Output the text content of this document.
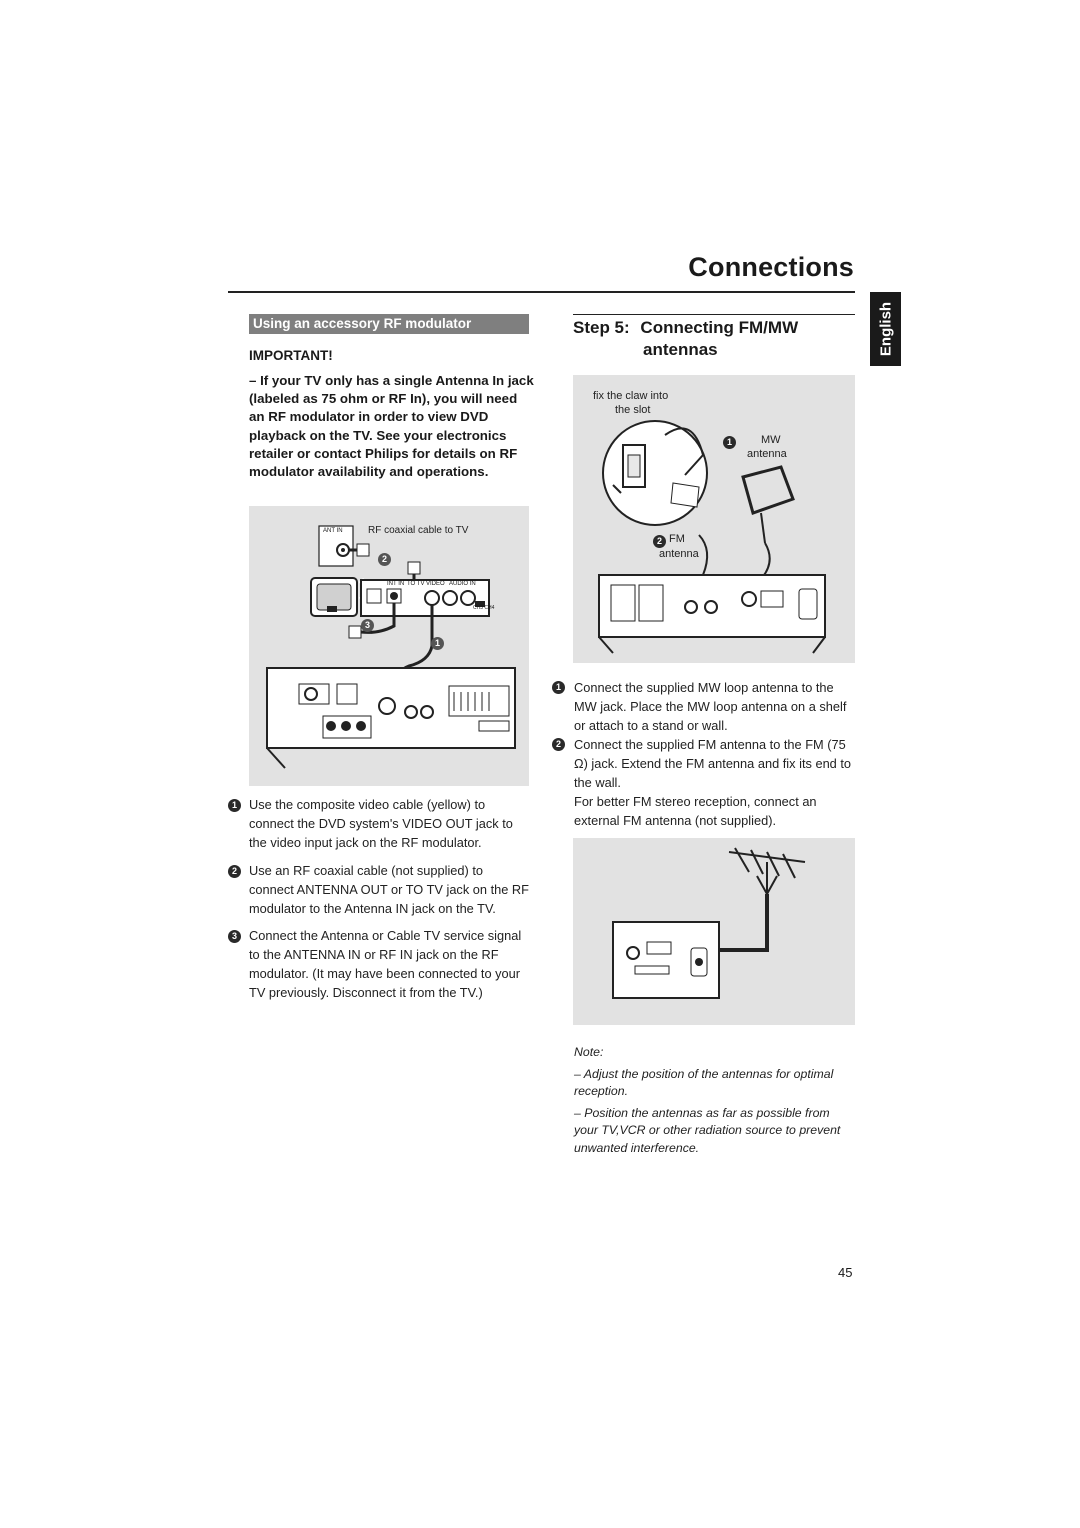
Connections
English
Using an accessory RF modulator
IMPORTANT!
– If your TV only has a single Antenna In jack (labeled as 75 ohm or RF In), you will need an RF modulator in order to view DVD playback on the TV. See your electronics retailer or contact Philips for details on RF modulator availability and operations.
RF coaxial cable to TV
ANT IN
INT IN TO TV VIDEO AUDIO IN
CH3 CH4
2
3
1
1 Use the composite video cable (yellow) to connect the DVD system's VIDEO OUT jack to the video input jack on the RF modulator.
2 Use an RF coaxial cable (not supplied) to connect ANTENNA OUT or TO TV jack on the RF modulator to the Antenna IN jack on the TV.
3 Connect the Antenna or Cable TV service signal to the ANTENNA IN or RF IN jack on the RF modulator. (It may have been connected to your TV previously. Disconnect it from the TV.)
Step 5: Connecting FM/MW
antennas
fix the claw into
the slot
1	MW
antenna
2 FM
antenna
1	Connect the supplied MW loop antenna to the MW jack. Place the MW loop antenna on a shelf or attach to a stand or wall.
2	Connect the supplied FM antenna to the FM (75 Ω) jack. Extend the FM antenna and fix its end to the wall.
For better FM stereo reception, connect an external FM antenna (not supplied).
Note:
– Adjust the position of the antennas for optimal reception.
– Position the antennas as far as possible from your TV,VCR or other radiation source to prevent unwanted interference.
45
